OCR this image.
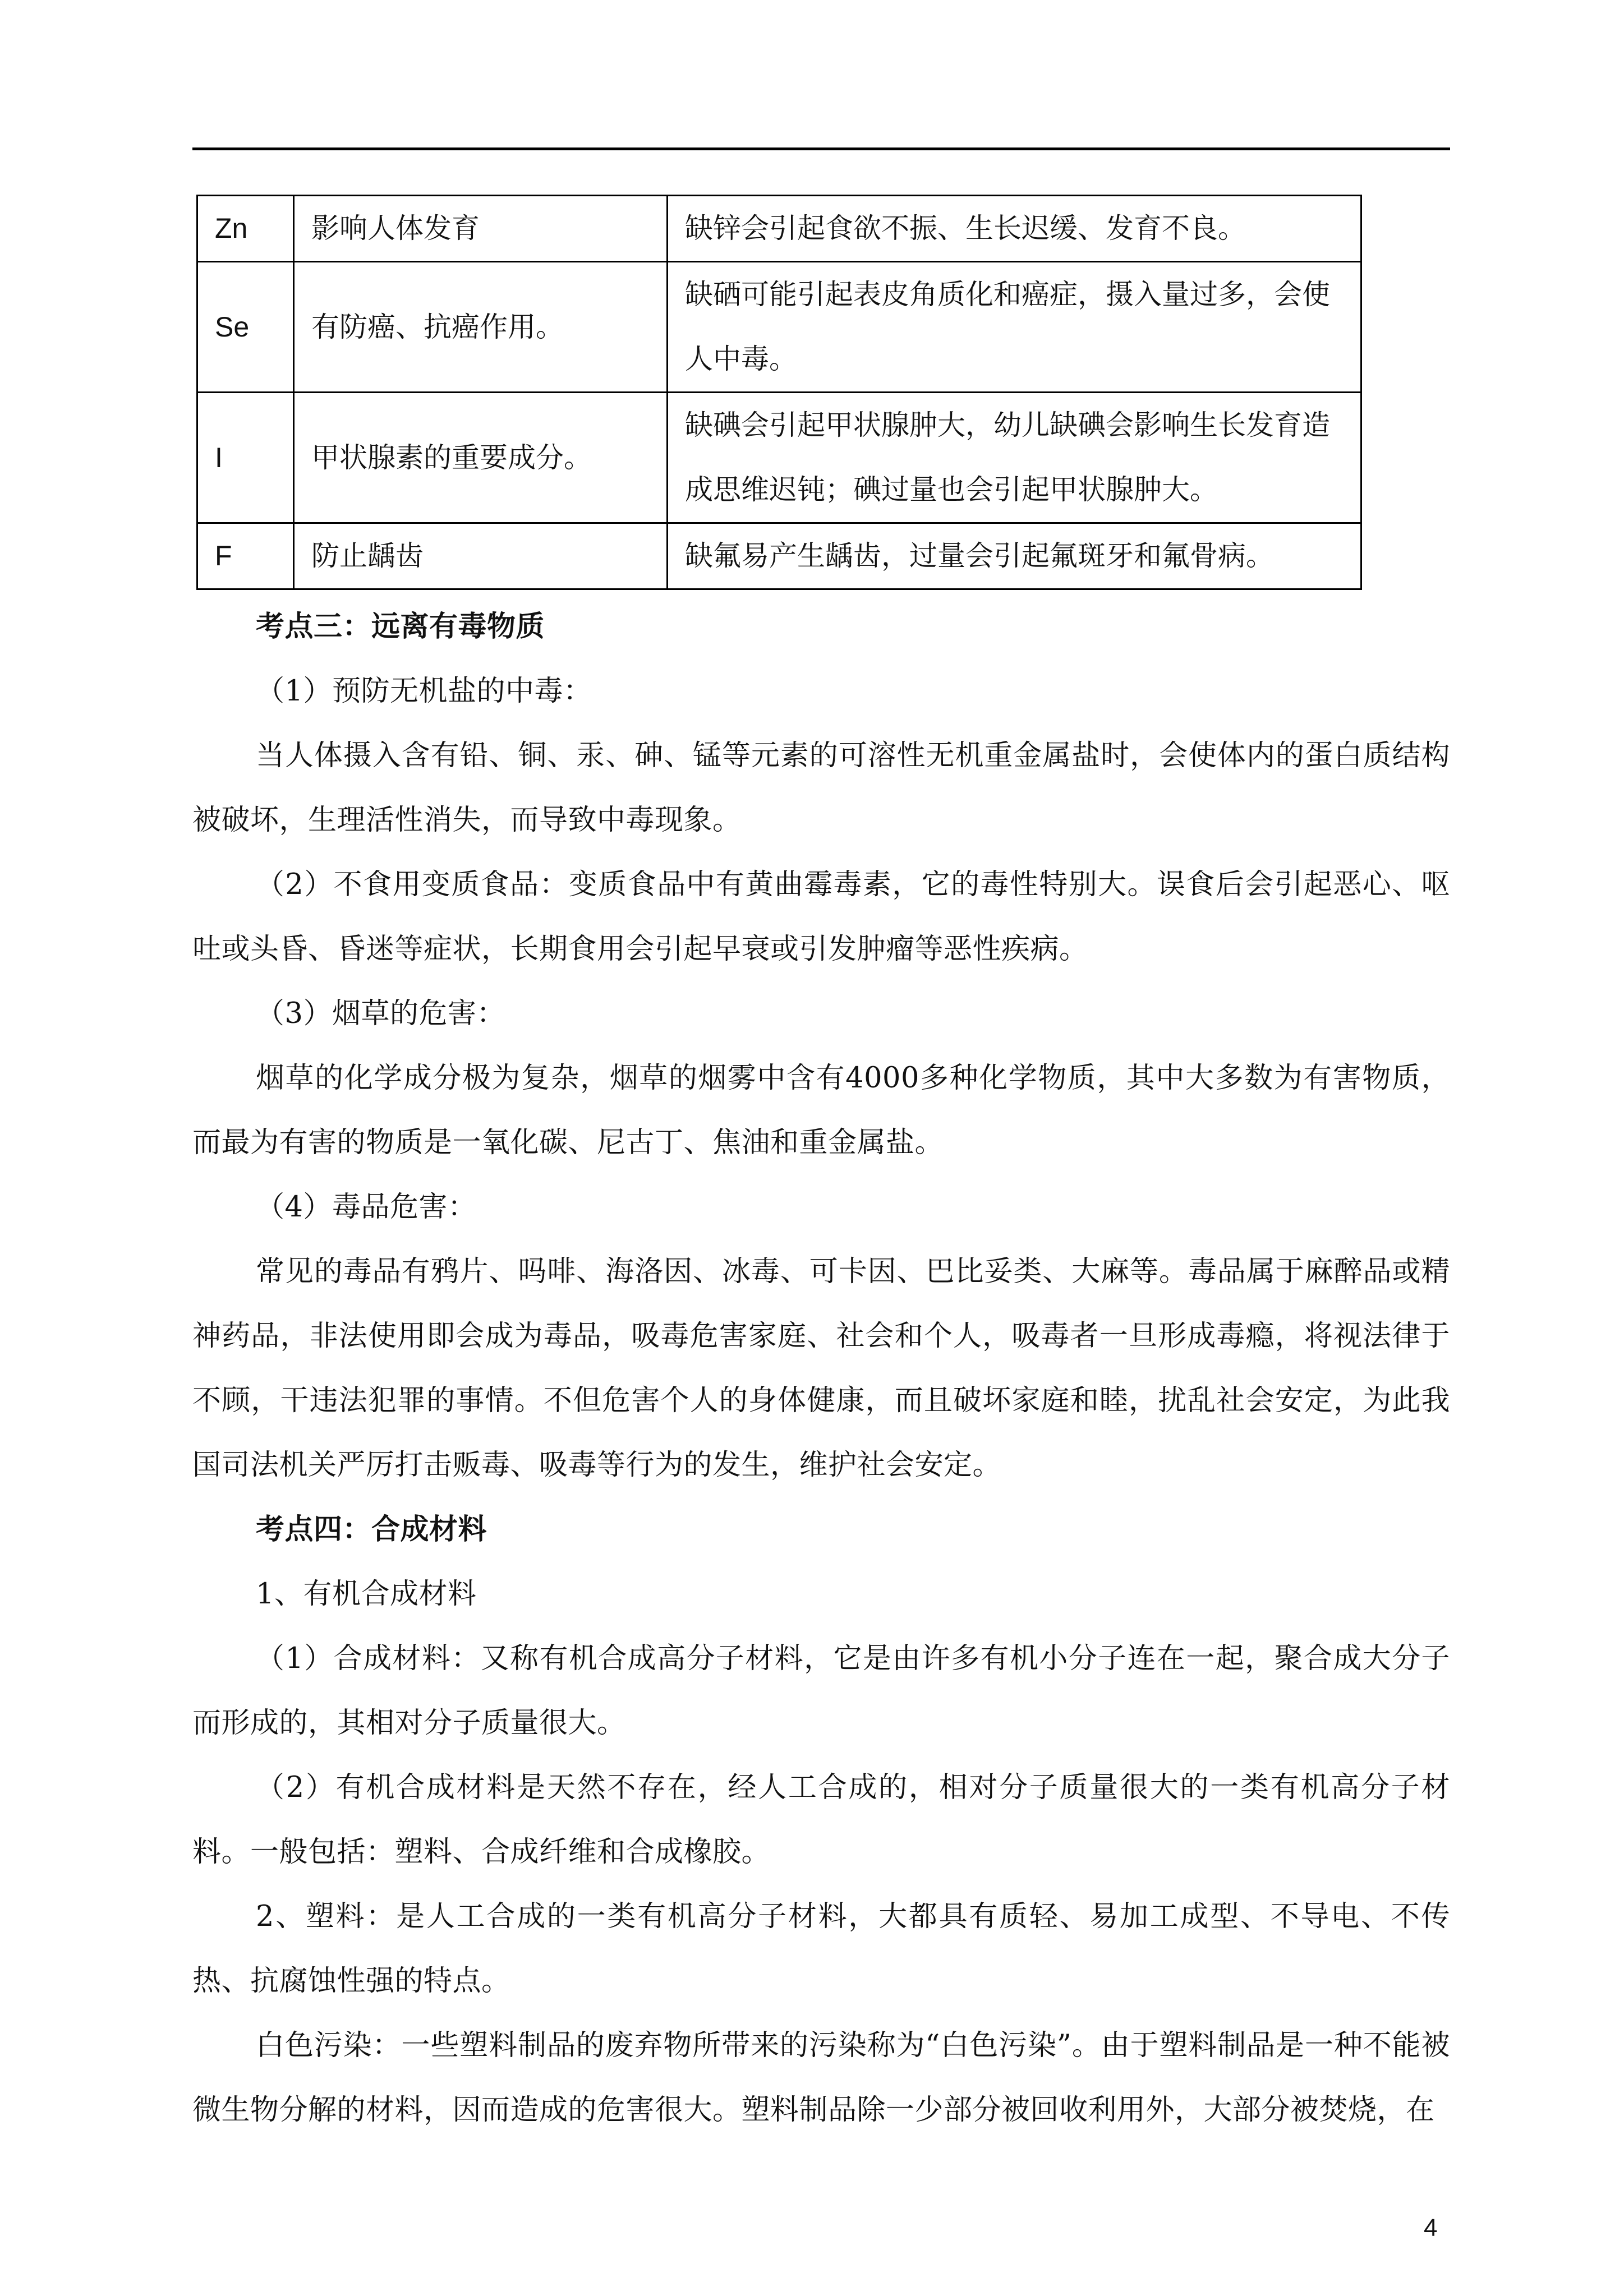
Zn	影响人体发育	缺锌会引起食欲不振、生长迟缓、发育不良。
Se	有防癌、抗癌作用。	缺硒可能引起表皮角质化和癌症，摄入量过多，会使人中毒。
I	甲状腺素的重要成分。	缺碘会引起甲状腺肿大，幼儿缺碘会影响生长发育造成思维迟钝；碘过量也会引起甲状腺肿大。
F	防止龋齿	缺氟易产生龋齿，过量会引起氟斑牙和氟骨病。

考点三：远离有毒物质

（1）预防无机盐的中毒：

当人体摄入含有铅、铜、汞、砷、锰等元素的可溶性无机重金属盐时，会使体内的蛋白质结构被破坏，生理活性消失，而导致中毒现象。

（2）不食用变质食品：变质食品中有黄曲霉毒素，它的毒性特别大。误食后会引起恶心、呕吐或头昏、昏迷等症状，长期食用会引起早衰或引发肿瘤等恶性疾病。

（3）烟草的危害：

烟草的化学成分极为复杂，烟草的烟雾中含有4000多种化学物质，其中大多数为有害物质，而最为有害的物质是一氧化碳、尼古丁、焦油和重金属盐。

（4）毒品危害：

常见的毒品有鸦片、吗啡、海洛因、冰毒、可卡因、巴比妥类、大麻等。毒品属于麻醉品或精神药品，非法使用即会成为毒品，吸毒危害家庭、社会和个人，吸毒者一旦形成毒瘾，将视法律于不顾，干违法犯罪的事情。不但危害个人的身体健康，而且破坏家庭和睦，扰乱社会安定，为此我国司法机关严厉打击贩毒、吸毒等行为的发生，维护社会安定。

考点四：合成材料

1、有机合成材料

（1）合成材料：又称有机合成高分子材料，它是由许多有机小分子连在一起，聚合成大分子而形成的，其相对分子质量很大。

（2）有机合成材料是天然不存在，经人工合成的，相对分子质量很大的一类有机高分子材料。一般包括：塑料、合成纤维和合成橡胶。

2、塑料：是人工合成的一类有机高分子材料，大都具有质轻、易加工成型、不导电、不传热、抗腐蚀性强的特点。

白色污染：一些塑料制品的废弃物所带来的污染称为“白色污染”。由于塑料制品是一种不能被微生物分解的材料，因而造成的危害很大。塑料制品除一少部分被回收利用外，大部分被焚烧，在

4
